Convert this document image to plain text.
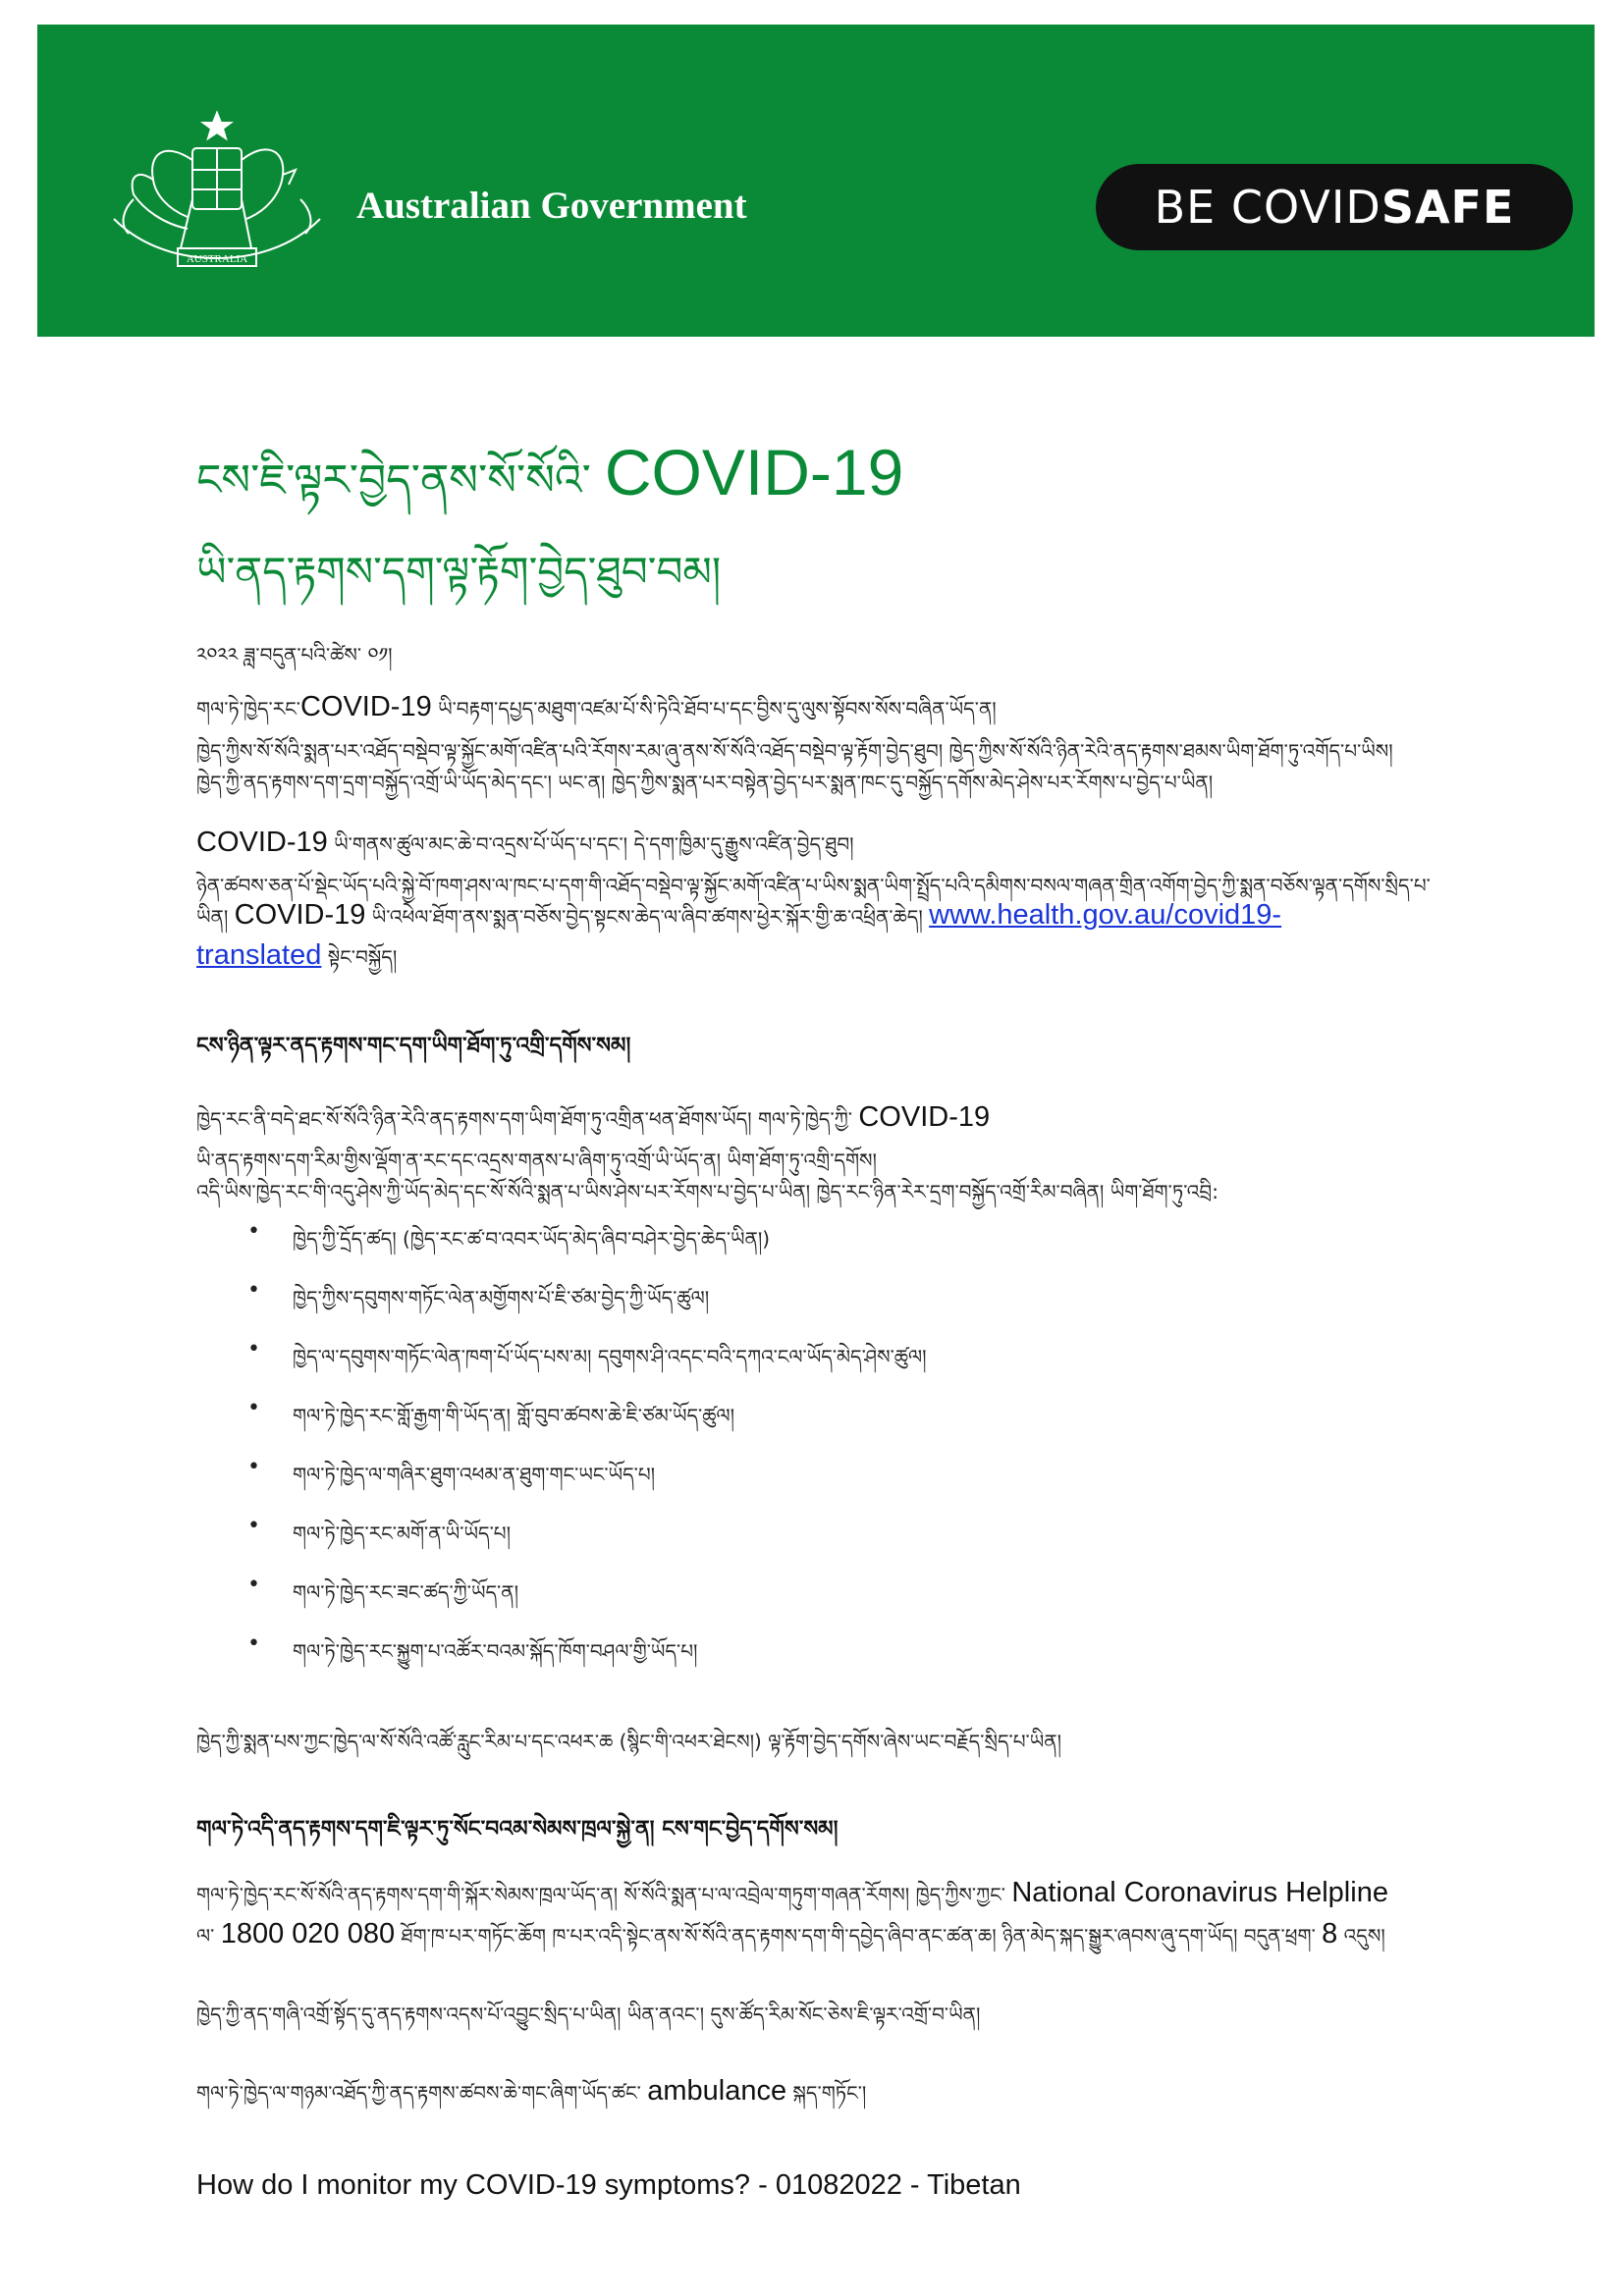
AUSTRALIA
Australian Government	BE COVIDSAFE
ངས་ཇི་ལྟར་བྱེད་ནས་སོ་སོའི་ COVID-19
ཡི་ནད་རྟགས་དག་ལྟ་རྟོག་བྱེད་ཐུབ་བམ།
༢༠༢༢ ཟླ་བདུན་པའི་ཚེས་ ༠༡།
གལ་ཏེ་ཁྱེད་རང་COVID-19 ཡི་བརྟག་དཔྱད་མཐུག་འཛམ་པོ་སི་ཏེའི་ཐོབ་པ་དང་བྱིས་དུ་ལུས་སྟོབས་སོས་བཞིན་ཡོད་ན།
ཁྱེད་ཀྱིས་སོ་སོའི་སྨན་པར་འཐོད་བསྡེབ་ལྟ་སྐྱོང་མགོ་འཛིན་པའི་རོགས་རམ་ཞུ་ནས་སོ་སོའི་འཐོད་བསྡེབ་ལྟ་རྟོག་བྱེད་ཐུབ། ཁྱེད་ཀྱིས་སོ་སོའི་ཉིན་རེའི་ནད་རྟགས་ཐམས་ཡིག་ཐོག་ཏུ་འགོད་པ་ཡིས།
ཁྱེད་ཀྱི་ནད་རྟགས་དག་དྲག་བསྐྱོད་འགྲོ་ཡི་ཡོད་མེད་དང་། ཡང་ན། ཁྱེད་ཀྱིས་སྨན་པར་བསྟེན་བྱེད་པར་སྨན་ཁང་དུ་བསྐྱོད་དགོས་མེད་ཤེས་པར་རོགས་པ་བྱེད་པ་ཡིན།
COVID-19 ཡི་གནས་ཚུལ་མང་ཆེ་བ་འདྲས་པོ་ཡོད་པ་དང་། དེ་དག་ཁྱིམ་དུ་རྒྱུས་འཛིན་བྱེད་ཐུབ།
ཉེན་ཚབས་ཅན་པོ་སྡེང་ཡོད་པའི་སྐྱེ་བོ་ཁག་ཤས་ལ་ཁང་པ་དག་གི་འཐོད་བསྡེབ་ལྟ་སྐྱོང་མགོ་འཛིན་པ་ཡིས་སྨན་ཡིག་སྤྲོད་པའི་དམིགས་བསལ་གཞན་གྲིན་འགོག་བྱེད་ཀྱི་སྨན་བཅོས་ལྟན་དགོས་སྲིད་པ་
ཡིན། COVID-19 ཡི་འཕེལ་ཐོག་ནས་སྨན་བཅོས་བྱེད་སྟངས་ཆེད་ལ་ཞིབ་ཚགས་ཕྱེར་སྐོར་གྱི་ཆ་འཕྲིན་ཆེད། www.health.gov.au/covid19-
translated སྟེང་བསྐྱོད།
ངས་ཉིན་ལྟར་ནད་རྟགས་གང་དག་ཡིག་ཐོག་ཏུ་འགྲི་དགོས་སམ།
ཁྱེད་རང་ནི་བདེ་ཐང་སོ་སོའི་ཉིན་རེའི་ནད་རྟགས་དག་ཡིག་ཐོག་ཏུ་འགྲིན་ཕན་ཐོགས་ཡོད། གལ་ཏེ་ཁྱེད་ཀྱི་ COVID-19
ཡི་ནད་རྟགས་དག་རིམ་གྱིས་ལྡོག་ན་རང་དང་འདྲས་གནས་པ་ཞིག་ཏུ་འགྲོ་ཡི་ཡོད་ན། ཡིག་ཐོག་ཏུ་འགྲི་དགོས།
འདི་ཡིས་ཁྱེད་རང་གི་འདུ་ཤེས་ཀྱི་ཡོད་མེད་དང་སོ་སོའི་སྨན་པ་ཡིས་ཤེས་པར་རོགས་པ་བྱེད་པ་ཡིན། ཁྱེད་རང་ཉིན་རེར་དྲག་བསྐྱོད་འགྲོ་རིམ་བཞིན། ཡིག་ཐོག་ཏུ་འབྲི:
• ཁྱེད་ཀྱི་དྲོད་ཚད། (ཁྱེད་རང་ཚ་བ་འབར་ཡོད་མེད་ཞིབ་བཤེར་བྱེད་ཆེད་ཡིན།)
• ཁྱེད་ཀྱིས་དབུགས་གཏོང་ལེན་མགྱོགས་པོ་ཇི་ཙམ་བྱེད་ཀྱི་ཡོད་ཚུལ།
• ཁྱེད་ལ་དབུགས་གཏོང་ལེན་ཁག་པོ་ཡོད་པས་མ། དབུགས་ཤི་འདང་བའི་དཀའ་ངལ་ཡོད་མེད་ཤེས་ཚུལ།
• གལ་ཏེ་ཁྱེད་རང་གློ་རྒྱག་གི་ཡོད་ན། གློ་བུབ་ཚབས་ཆེ་ཇི་ཙམ་ཡོད་ཚུལ།
• གལ་ཏེ་ཁྱེད་ལ་གཞིར་ཐུག་འཕམ་ན་ཐུག་གང་ཡང་ཡོད་པ།
• གལ་ཏེ་ཁྱེད་རང་མགོ་ན་ཡི་ཡོད་པ།
• གལ་ཏེ་ཁྱེད་རང་ཟང་ཚད་ཀྱི་ཡོད་ན།
• གལ་ཏེ་ཁྱེད་རང་སྐྱུག་པ་འཚོར་བའམ་སྐོད་ཁོག་བཤལ་གྱི་ཡོད་པ།
ཁྱེད་ཀྱི་སྨན་པས་ཀྱང་ཁྱེད་ལ་སོ་སོའི་འཚོ་རླུང་རིམ་པ་དང་འཕར་ཆ (སྙིང་གི་འཕར་ཐེངས།) ལྟ་རྟོག་བྱེད་དགོས་ཞེས་ཡང་བརྗོད་སྲིད་པ་ཡིན།
གལ་ཏེ་འདི་ནད་རྟགས་དག་ཇི་ལྟར་ཏུ་སོང་བའམ་སེམས་ཁྲལ་སྐྱེ་ན། ངས་གང་བྱེད་དགོས་སམ།
གལ་ཏེ་ཁྱེད་རང་སོ་སོའི་ནད་རྟགས་དག་གི་སྐོར་སེམས་ཁྲལ་ཡོད་ན། སོ་སོའི་སྨན་པ་ལ་འབྲེལ་གཏུག་གཞན་རོགས། ཁྱེད་ཀྱིས་ཀྱང་ National Coronavirus Helpline
ལ་ 1800 020 080 ཐོག་ཁ་པར་གཏོང་ཆོག ཁ་པར་འདི་སྟེང་ནས་སོ་སོའི་ནད་རྟགས་དག་གི་དབྱེད་ཞིབ་ནང་ཚན་ཆ། ཉིན་མེད་སྐད་སྒྱུར་ཞབས་ཞུ་དག་ཡོད། བདུན་ཕྲག་ 8 འདུས།
ཁྱེད་ཀྱི་ནད་གཞི་འགྲོ་སྟོད་དུ་ནད་རྟགས་འདས་པོ་འབྱུང་སྲིད་པ་ཡིན། ཡིན་ནའང་། དུས་ཚོད་རིམ་སོང་ཅེས་ཇི་ལྟར་འགྲོ་བ་ཡིན།
གལ་ཏེ་ཁྱེད་ལ་གཉམ་འཐོད་ཀྱི་ནད་རྟགས་ཚབས་ཆེ་གང་ཞིག་ཡོད་ཚང་ ambulance སྐད་གཏོང་།
How do I monitor my COVID-19 symptoms? - 01082022 - Tibetan
